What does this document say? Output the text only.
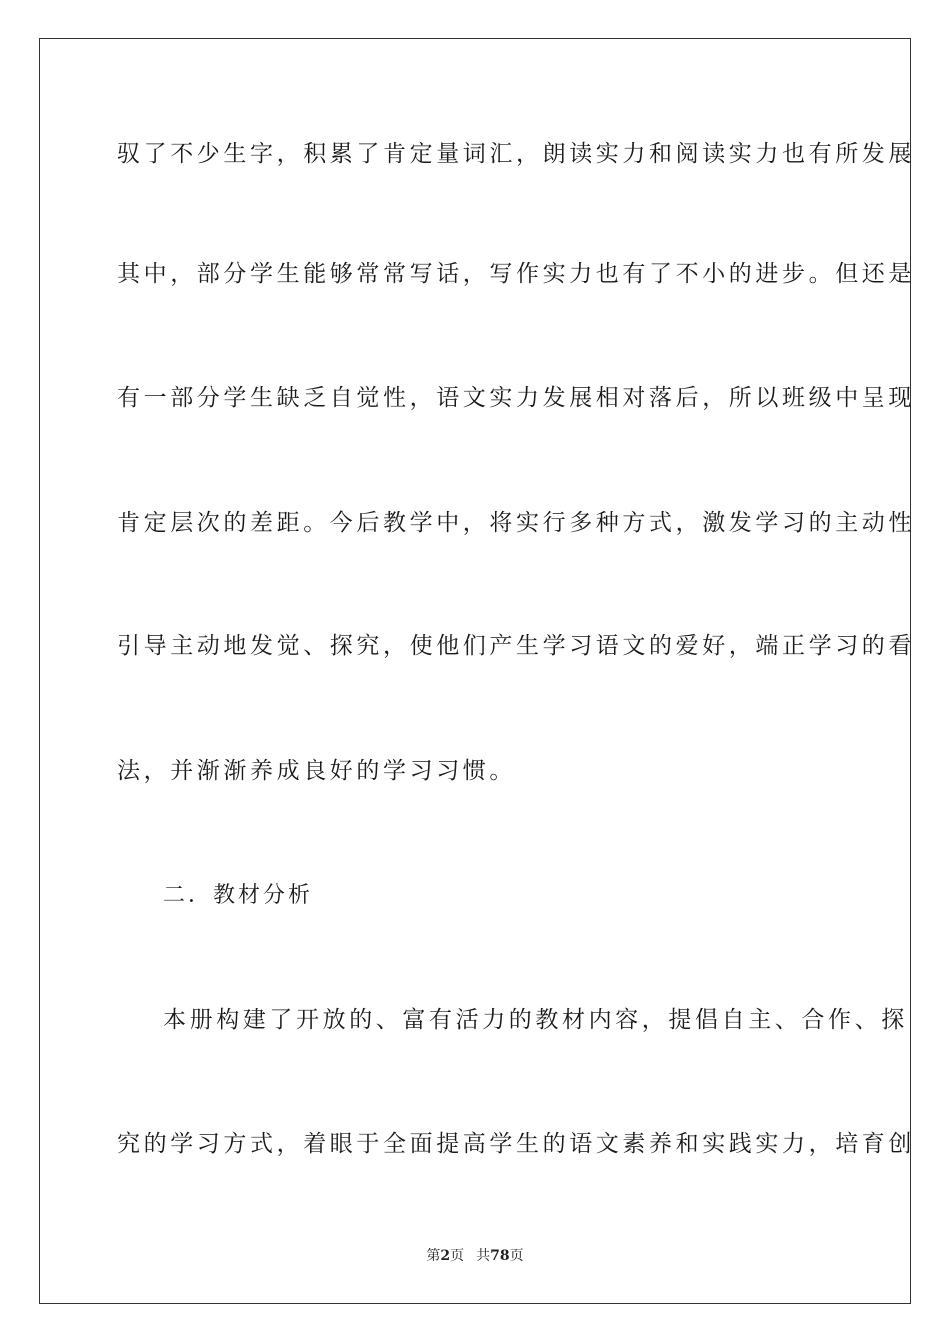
驭了不少生字，积累了肯定量词汇，朗读实力和阅读实力也有所发展
其中，部分学生能够常常写话，写作实力也有了不小的进步。但还是
有一部分学生缺乏自觉性，语文实力发展相对落后，所以班级中呈现
肯定层次的差距。今后教学中，将实行多种方式，激发学习的主动性
引导主动地发觉、探究，使他们产生学习语文的爱好，端正学习的看
法，并渐渐养成良好的学习习惯。
二．教材分析
本册构建了开放的、富有活力的教材内容，提倡自主、合作、探
究的学习方式，着眼于全面提高学生的语文素养和实践实力，培育创
第2页 共78页
